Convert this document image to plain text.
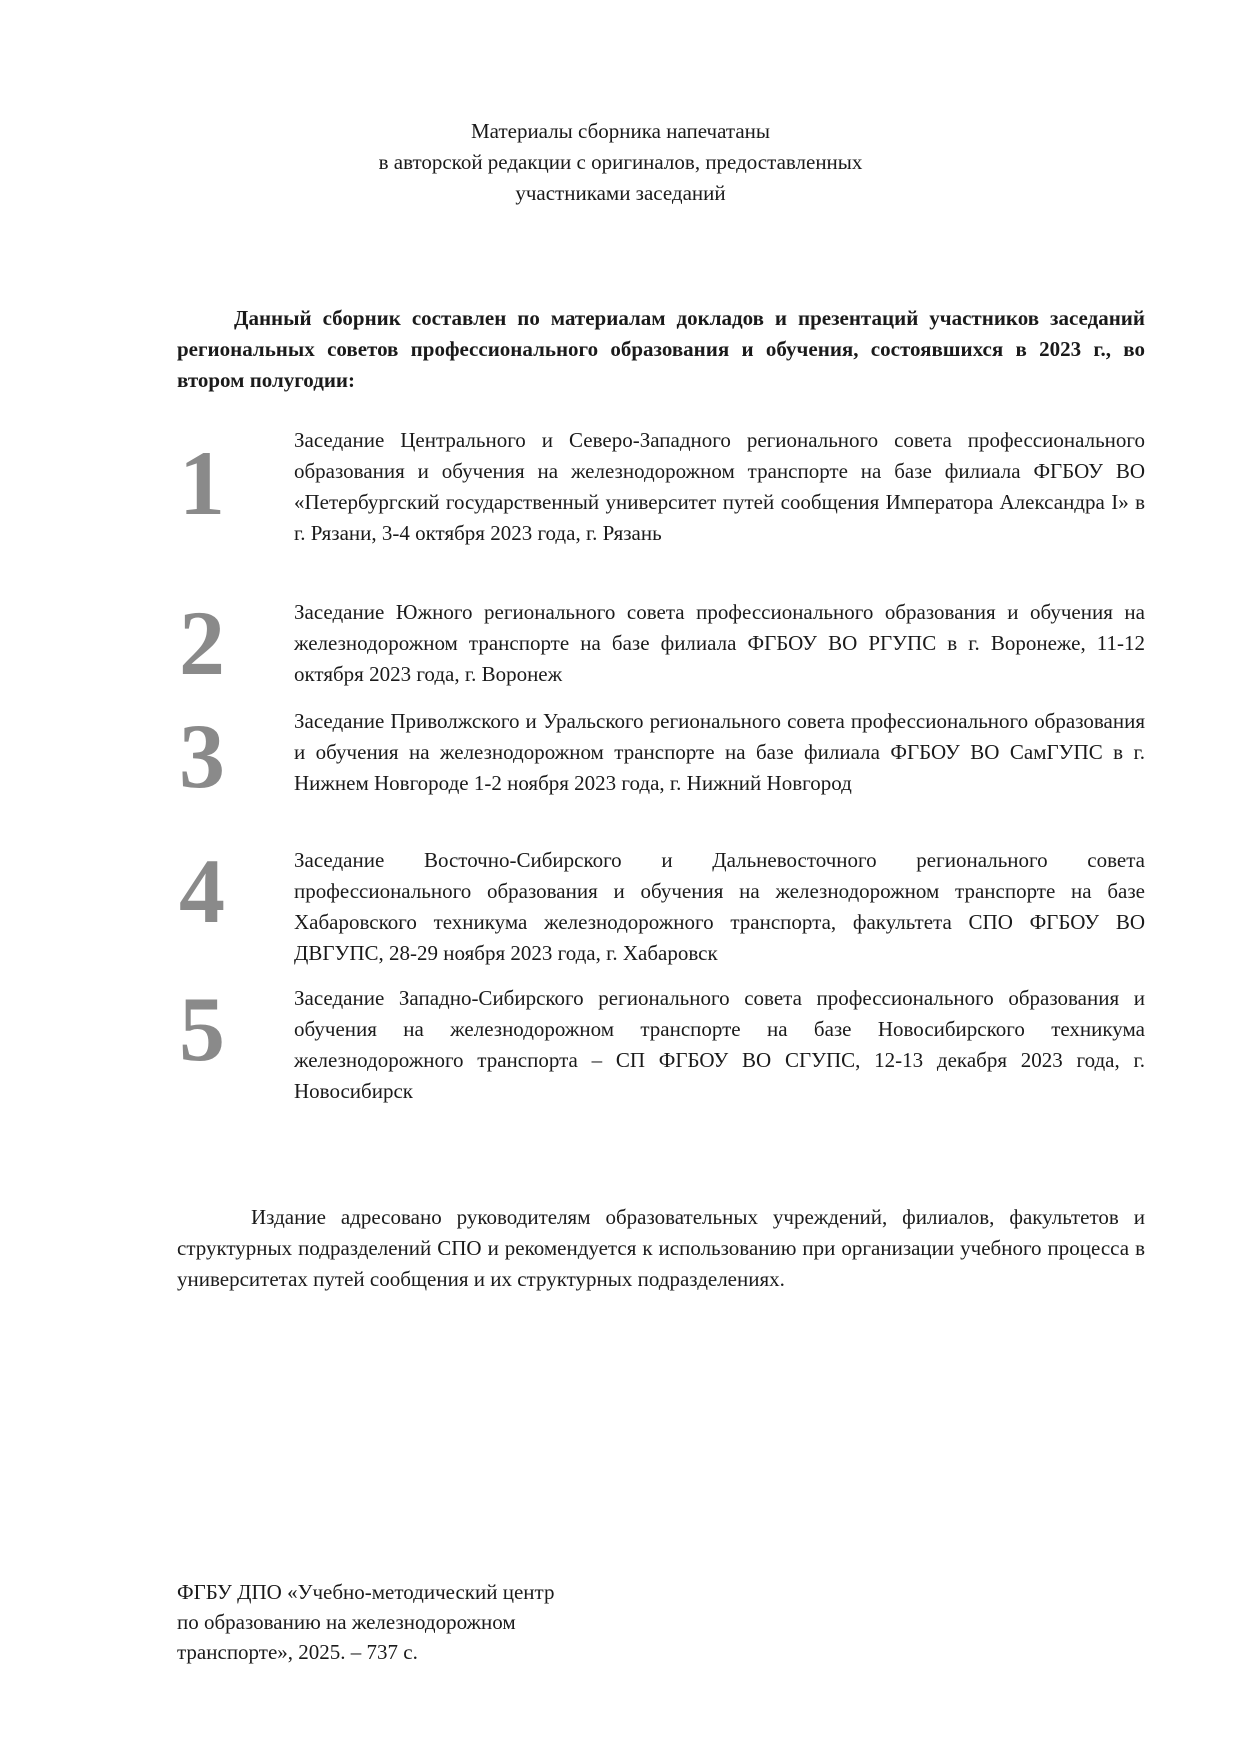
Материалы сборника напечатаны
в авторской редакции с оригиналов, предоставленных
участниками заседаний
Данный сборник составлен по материалам докладов и презентаций участников заседаний региональных советов профессионального образования и обучения, состоявшихся в 2023 г., во втором полугодии:
1	Заседание Центрального и Северо-Западного регионального совета профессионального образования и обучения на железнодорожном транспорте на базе филиала ФГБОУ ВО «Петербургский государственный университет путей сообщения Императора Александра I» в г. Рязани, 3-4 октября 2023 года, г. Рязань
2	Заседание Южного регионального совета профессионального образования и обучения на железнодорожном транспорте на базе филиала ФГБОУ ВО РГУПС в г. Воронеже, 11-12 октября 2023 года, г. Воронеж
3	Заседание Приволжского и Уральского регионального совета профессионального образования и обучения на железнодорожном транспорте на базе филиала ФГБОУ ВО СамГУПС в г. Нижнем Новгороде 1-2 ноября 2023 года, г. Нижний Новгород
4	Заседание Восточно-Сибирского и Дальневосточного регионального совета профессионального образования и обучения на железнодорожном транспорте на базе Хабаровского техникума железнодорожного транспорта, факультета СПО ФГБОУ ВО ДВГУПС, 28-29 ноября 2023 года, г. Хабаровск
5	Заседание Западно-Сибирского регионального совета профессионального образования и обучения на железнодорожном транспорте на базе Новосибирского техникума железнодорожного транспорта – СП ФГБОУ ВО СГУПС, 12-13 декабря 2023 года, г. Новосибирск
Издание адресовано руководителям образовательных учреждений, филиалов, факультетов и структурных подразделений СПО и рекомендуется к использованию при организации учебного процесса в университетах путей сообщения и их структурных подразделениях.
ФГБУ ДПО «Учебно-методический центр
по образованию на железнодорожном
транспорте», 2025. – 737 с.
